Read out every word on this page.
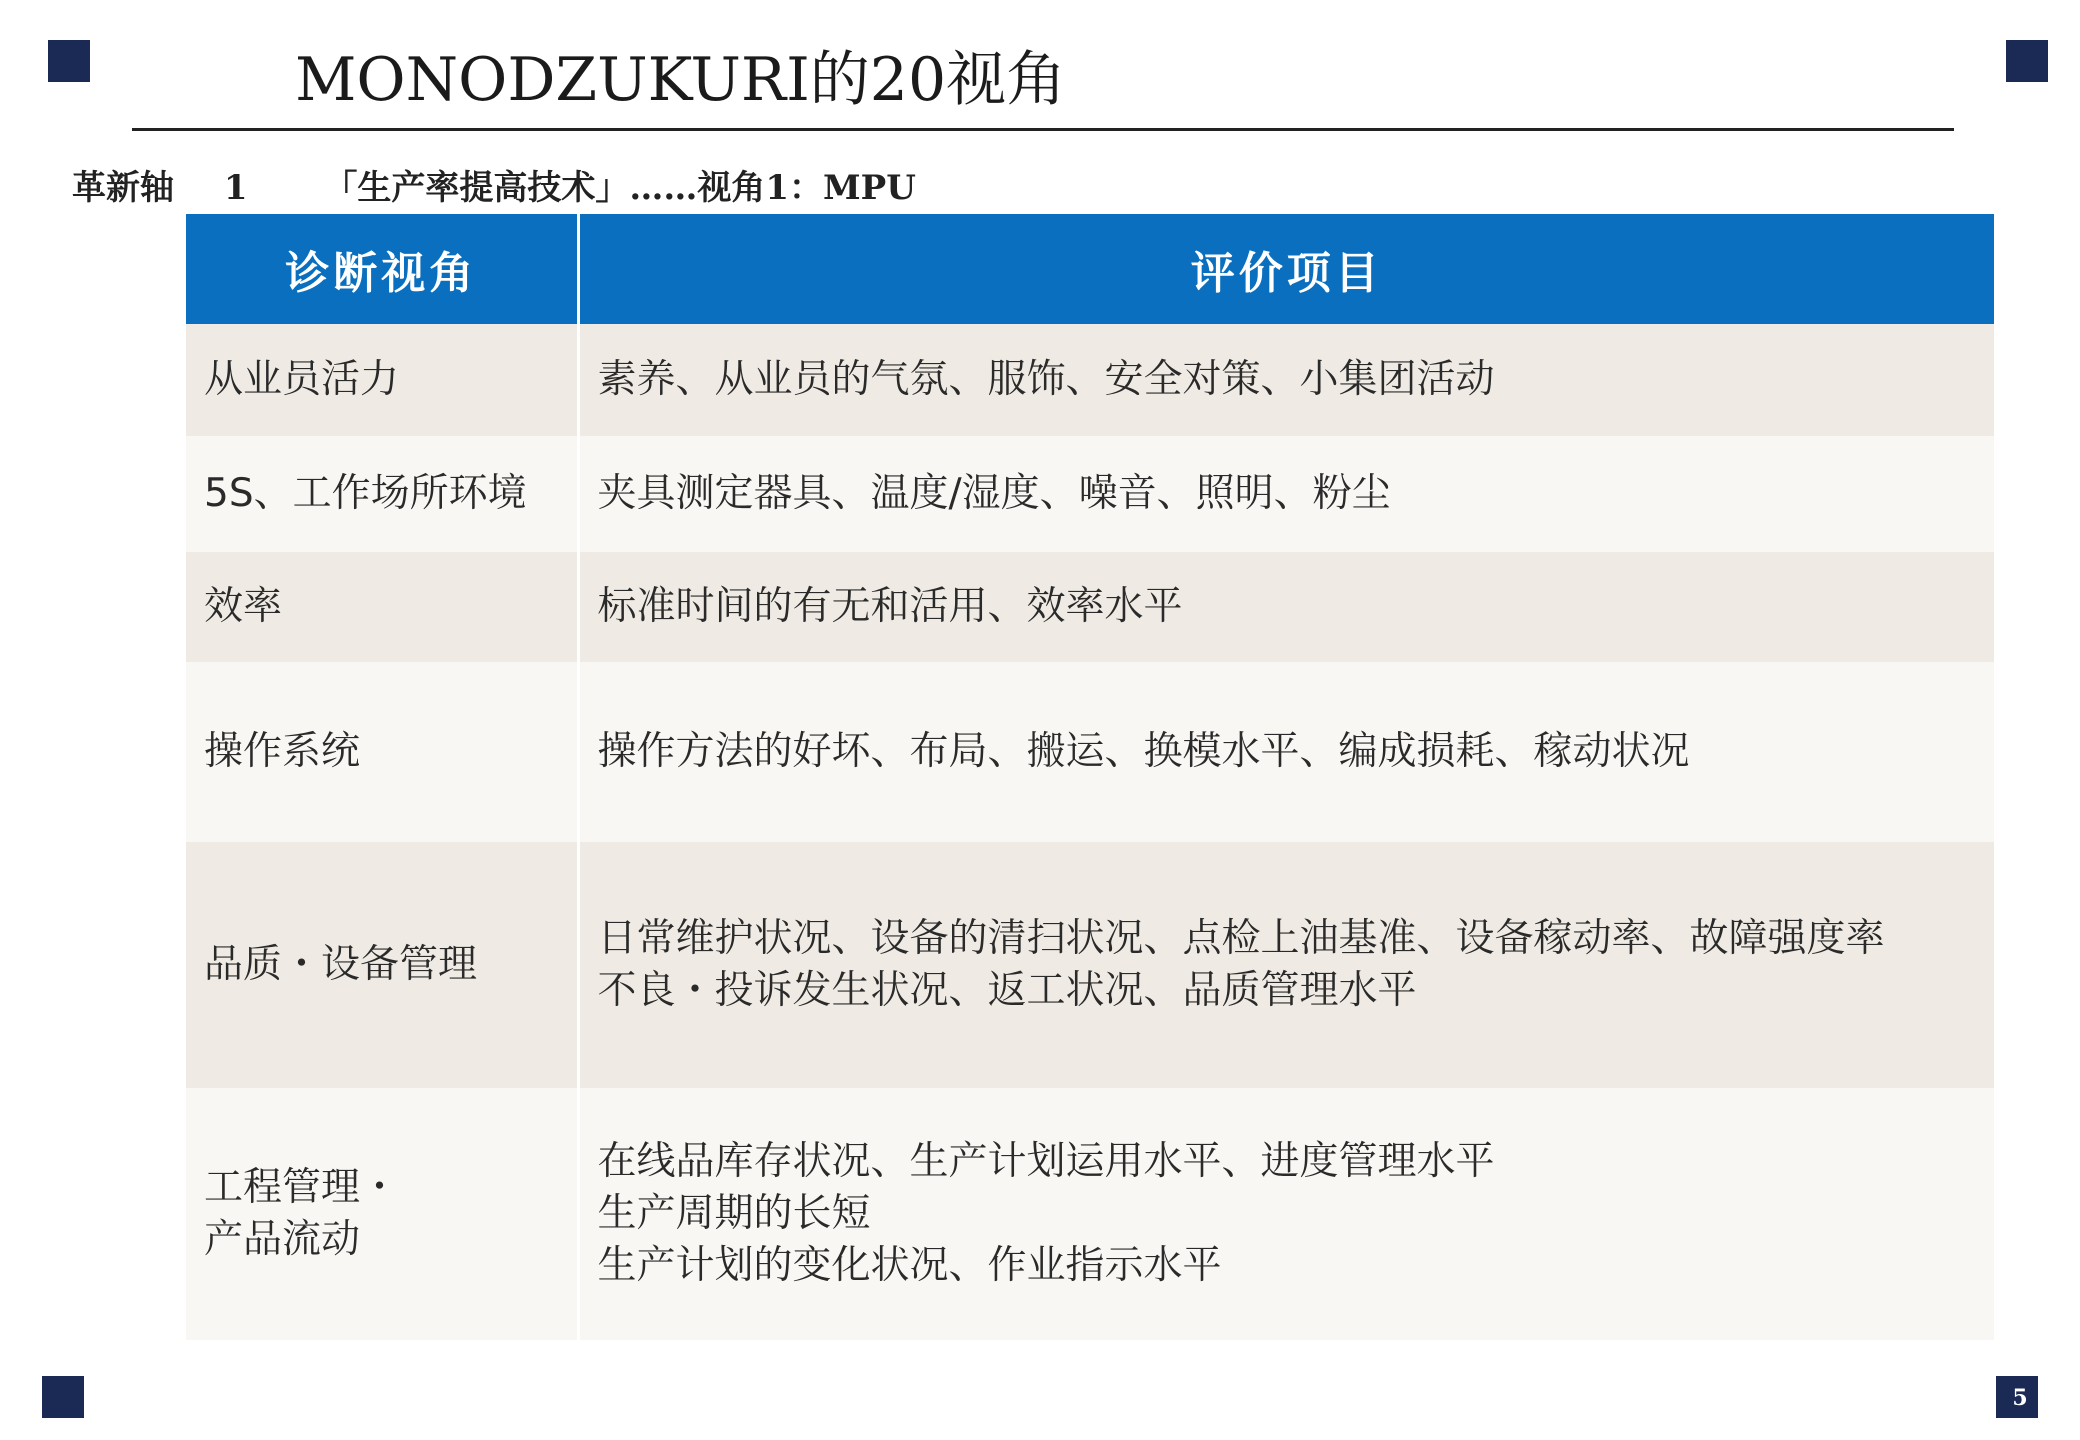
5
MONODZUKURI的20视角
革新轴 1 「生产率提高技术」……视角1：MPU
诊断视角	评价项目

从业员活力	素养、从业员的气氛、服饰、安全对策、小集团活动

5S、工作场所环境	夹具测定器具、温度/湿度、噪音、照明、粉尘

效率	标准时间的有无和活用、效率水平

操作系统	操作方法的好坏、布局、搬运、换模水平、编成损耗、稼动状况

品质・设备管理	日常维护状况、设备的清扫状况、点检上油基准、设备稼动率、故障强度率
不良・投诉发生状况、返工状况、品质管理水平

工程管理・
产品流动	在线品库存状况、生产计划运用水平、进度管理水平
生产周期的长短
生产计划的变化状况、作业指示水平
